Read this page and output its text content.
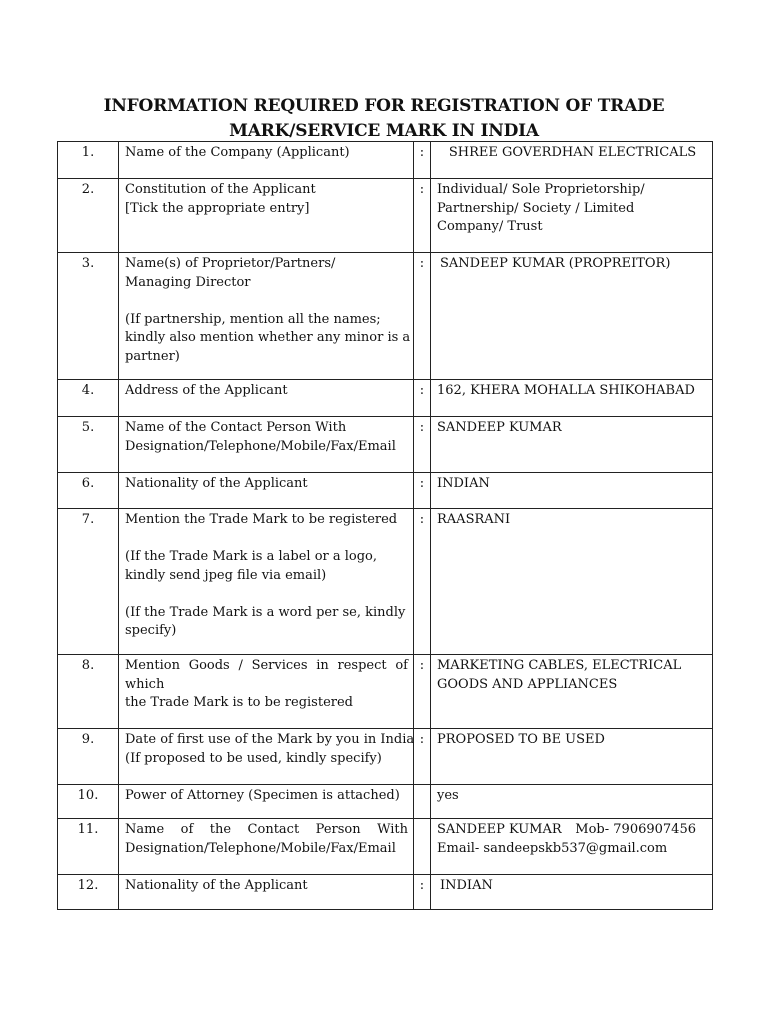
INFORMATION REQUIRED FOR REGISTRATION OF TRADE
MARK/SERVICE MARK IN INDIA
1.	Name of the Company (Applicant)	:	SHREE GOVERDHAN ELECTRICALS

2.	Constitution of the Applicant
[Tick the appropriate entry]	:	Individual/ Sole Proprietorship/
Partnership/ Society / Limited
Company/ Trust

3.	Name(s) of Proprietor/Partners/
Managing Director
(If partnership, mention all the names;
kindly also mention whether any minor is a
partner)	:	SANDEEP KUMAR (PROPREITOR)

4.	Address of the Applicant	:	162, KHERA MOHALLA SHIKOHABAD

5.	Name of the Contact Person With
Designation/Telephone/Mobile/Fax/Email	:	SANDEEP KUMAR

6.	Nationality of the Applicant	:	INDIAN

7.	Mention the Trade Mark to be registered
(If the Trade Mark is a label or a logo,
kindly send jpeg file via email)
(If the Trade Mark is a word per se, kindly
specify)	:	RAASRANI

8.	Mention Goods / Services in respect of
which
the Trade Mark is to be registered	:	MARKETING CABLES, ELECTRICAL
GOODS AND APPLIANCES

9.	Date of first use of the Mark by you in India
(If proposed to be used, kindly specify)	:	PROPOSED TO BE USED

10.	Power of Attorney (Specimen is attached)		yes

11.	Name of the Contact Person With
Designation/Telephone/Mobile/Fax/Email		SANDEEP KUMAR Mob- 7906907456
Email- sandeepskb537@gmail.com

12.	Nationality of the Applicant	:	INDIAN
